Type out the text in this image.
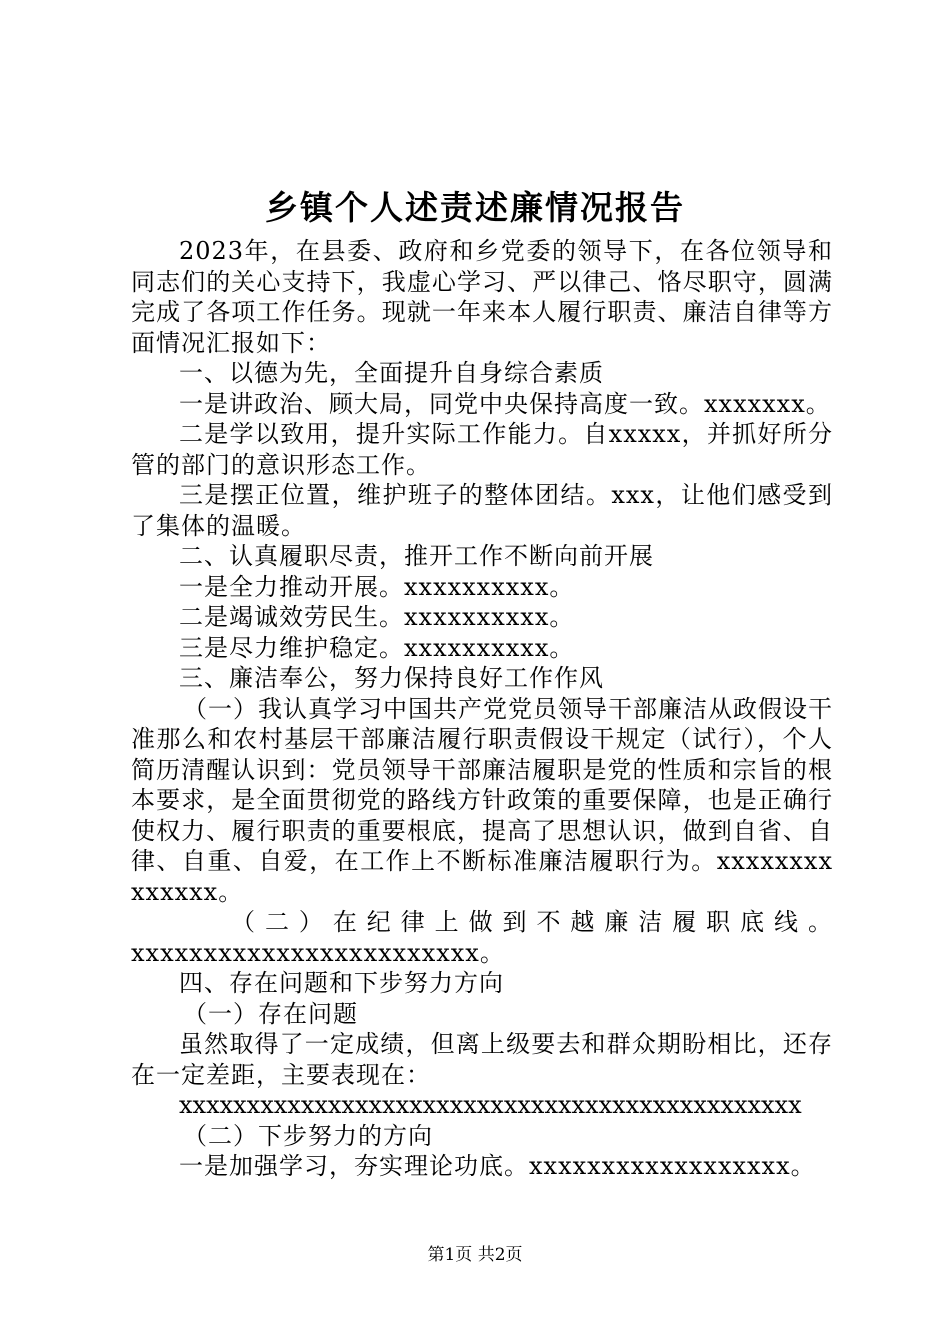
乡镇个人述责述廉情况报告

2023年，在县委、政府和乡党委的领导下，在各位领导和同志们的关心支持下，我虚心学习、严以律己、恪尽职守，圆满完成了各项工作任务。现就一年来本人履行职责、廉洁自律等方面情况汇报如下：

一、以德为先，全面提升自身综合素质

一是讲政治、顾大局，同党中央保持高度一致。xxxxxxx。

二是学以致用，提升实际工作能力。自xxxxx，并抓好所分管的部门的意识形态工作。

三是摆正位置，维护班子的整体团结。xxx，让他们感受到了集体的温暖。

二、认真履职尽责，推开工作不断向前开展

一是全力推动开展。xxxxxxxxxx。

二是竭诚效劳民生。xxxxxxxxxx。

三是尽力维护稳定。xxxxxxxxxx。

三、廉洁奉公，努力保持良好工作作风

（一）我认真学习中国共产党党员领导干部廉洁从政假设干准那么和农村基层干部廉洁履行职责假设干规定（试行），个人简历清醒认识到：党员领导干部廉洁履职是党的性质和宗旨的根本要求，是全面贯彻党的路线方针政策的重要保障，也是正确行使权力、履行职责的重要根底，提高了思想认识，做到自省、自律、自重、自爱，在工作上不断标准廉洁履职行为。xxxxxxxxxxxxxx。

（二）在纪律上做到不越廉洁履职底线。

xxxxxxxxxxxxxxxxxxxxxxxx。

四、存在问题和下步努力方向

（一）存在问题

虽然取得了一定成绩，但离上级要去和群众期盼相比，还存在一定差距，主要表现在：

xxxxxxxxxxxxxxxxxxxxxxxxxxxxxxxxxxxxxxxxxxxxxx

（二）下步努力的方向

一是加强学习，夯实理论功底。xxxxxxxxxxxxxxxxxx。

第1页 共2页
